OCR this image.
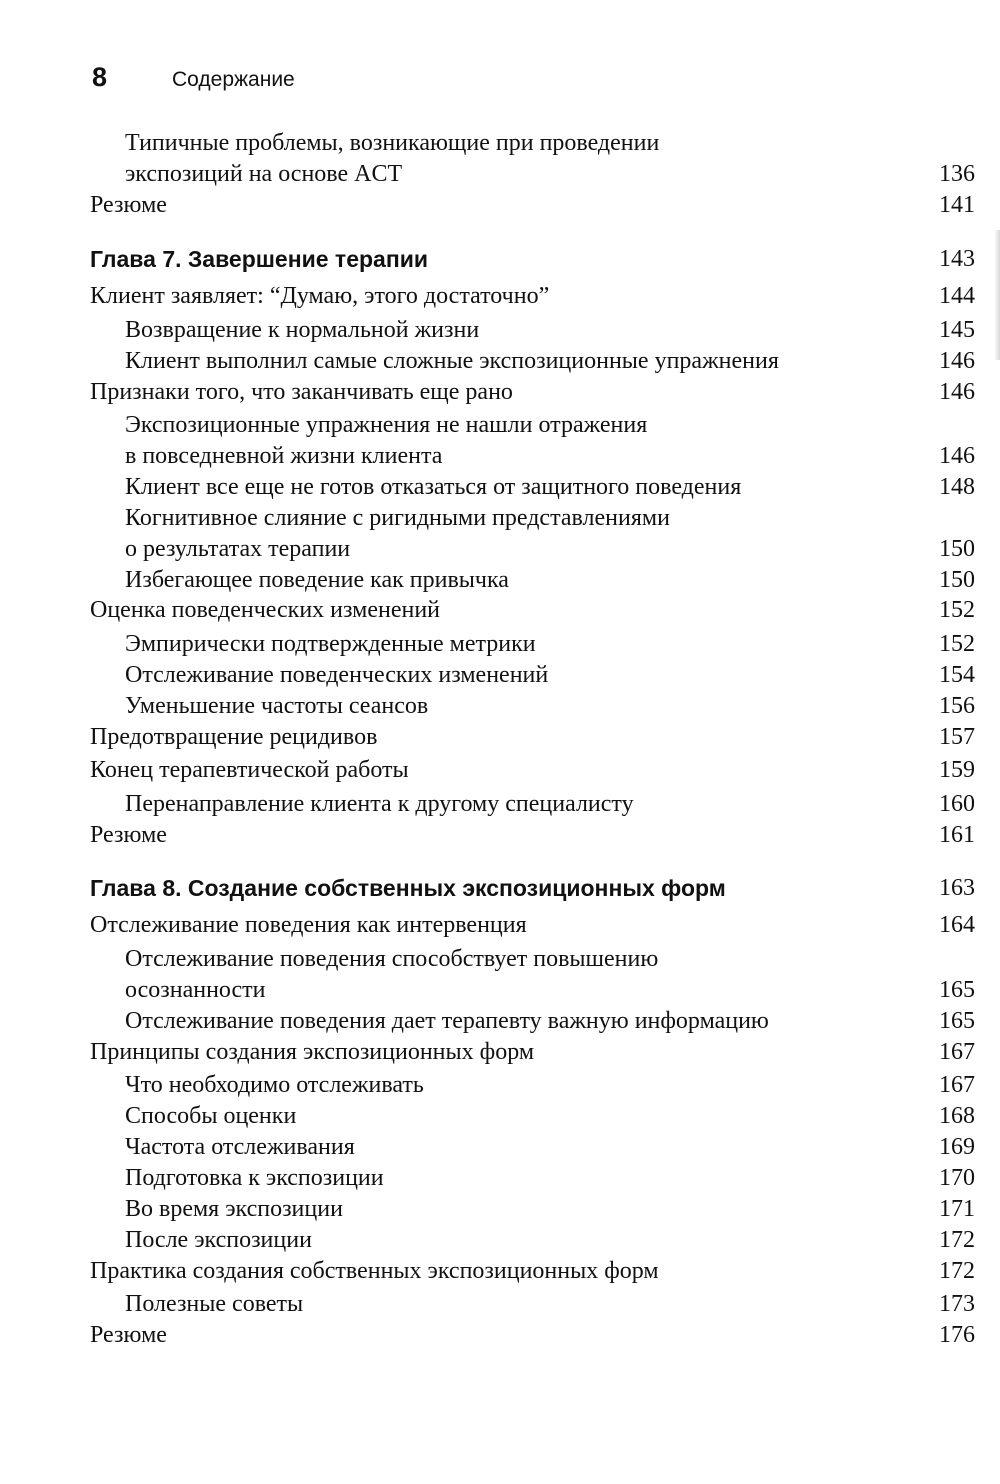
8	Содержание
Типичные проблемы, возникающие при проведении
экспозиций на основе ACT	136
Резюме	141
Глава 7. Завершение терапии	143
Клиент заявляет: “Думаю, этого достаточно”	144
Возвращение к нормальной жизни	145
Клиент выполнил самые сложные экспозиционные упражнения	146
Признаки того, что заканчивать еще рано	146
Экспозиционные упражнения не нашли отражения
в повседневной жизни клиента	146
Клиент все еще не готов отказаться от защитного поведения	148
Когнитивное слияние с ригидными представлениями
о результатах терапии	150
Избегающее поведение как привычка	150
Оценка поведенческих изменений	152
Эмпирически подтвержденные метрики	152
Отслеживание поведенческих изменений	154
Уменьшение частоты сеансов	156
Предотвращение рецидивов	157
Конец терапевтической работы	159
Перенаправление клиента к другому специалисту	160
Резюме	161
Глава 8. Создание собственных экспозиционных форм	163
Отслеживание поведения как интервенция	164
Отслеживание поведения способствует повышению
осознанности	165
Отслеживание поведения дает терапевту важную информацию	165
Принципы создания экспозиционных форм	167
Что необходимо отслеживать	167
Способы оценки	168
Частота отслеживания	169
Подготовка к экспозиции	170
Во время экспозиции	171
После экспозиции	172
Практика создания собственных экспозиционных форм	172
Полезные советы	173
Резюме	176
